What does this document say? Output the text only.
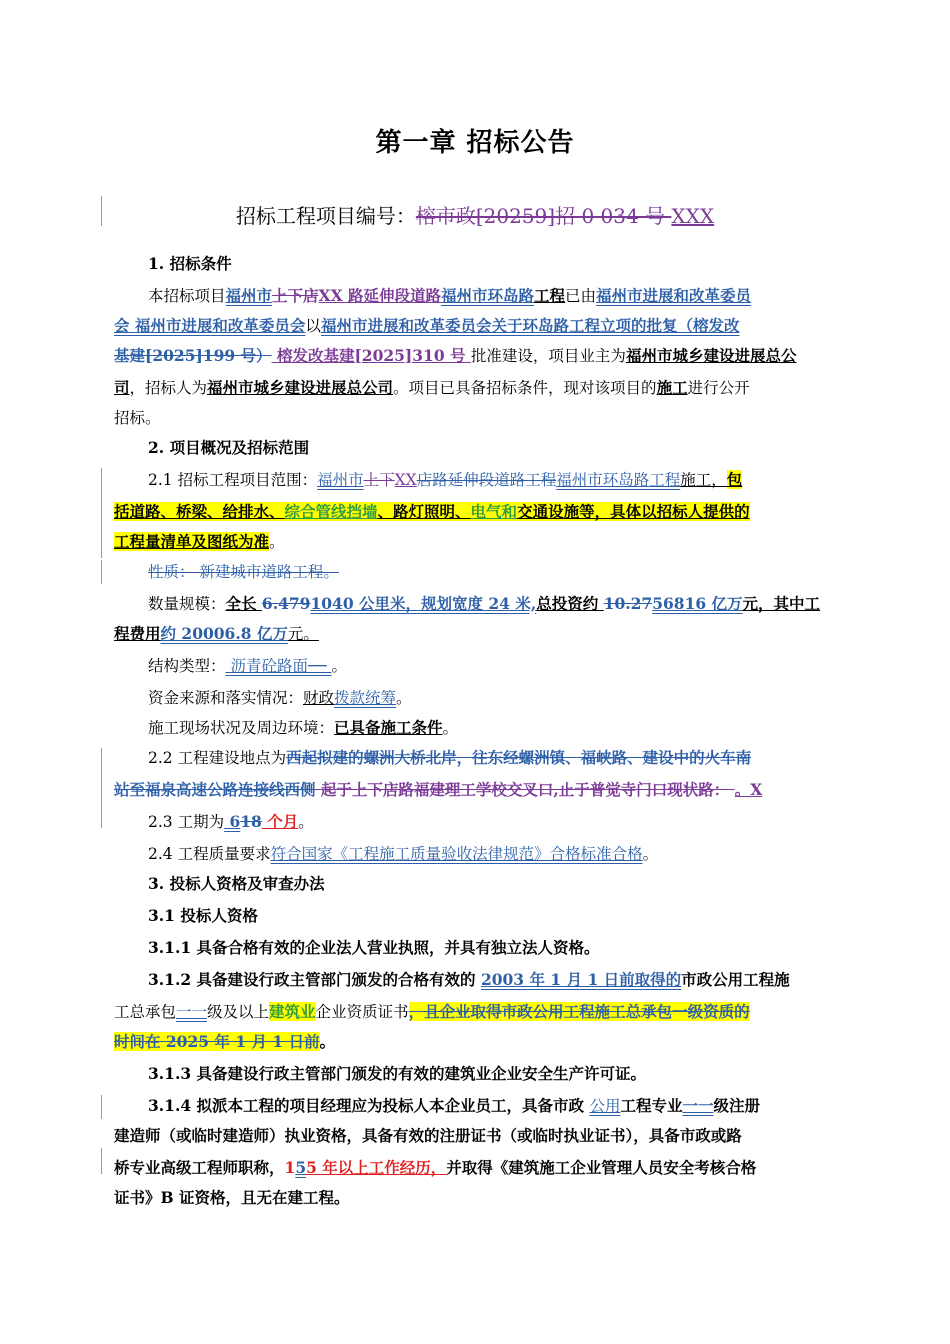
第一章 招标公告
招标工程项目编号：榕市政[20259]招 0 034 号 XXX
1. 招标条件
本招标项目福州市上下店XX 路延伸段道路福州市环岛路工程已由福州市进展和改革委员
会 福州市进展和改革委员会以福州市进展和改革委员会关于环岛路工程立项的批复（榕发改
基建[2025]199 号） 榕发改基建[2025]310 号 批准建设，项目业主为福州市城乡建设进展总公
司，招标人为福州市城乡建设进展总公司。项目已具备招标条件，现对该项目的施工进行公开
招标。
2. 项目概况及招标范围
2.1 招标工程项目范围：福州市上下XX店路延伸段道路工程福州市环岛路工程施工，包
括道路、桥梁、给排水、综合管线挡墙、路灯照明、电气和交通设施等，具体以招标人提供的
工程量清单及图纸为准。
性质： 新建城市道路工程。
数量规模：全长 6.4791040 公里米，规划宽度 24 米,总投资约 10.2756816 亿万元，其中工
程费用约 20006.8 亿万元。
结构类型： 沥青砼路面── 。
资金来源和落实情况：财政拨款统筹。
施工现场状况及周边环境：已具备施工条件。
2.2 工程建设地点为西起拟建的螺洲大桥北岸，往东经螺洲镇、福峡路、建设中的火车南
站至福泉高速公路连接线西侧 起于上下店路福建理工学校交叉口,止于普觉寺门口现状路： 。X
2.3 工期为 618 个月。
2.4 工程质量要求符合国家《工程施工质量验收法律规范》合格标准合格。
3. 投标人资格及审查办法
3.1 投标人资格
3.1.1 具备合格有效的企业法人营业执照，并具有独立法人资格。
3.1.2 具备建设行政主管部门颁发的合格有效的 2003 年 1 月 1 日前取得的市政公用工程施
工总承包一一级及以上建筑业企业资质证书，且企业取得市政公用工程施工总承包一级资质的
时间在 2025 年 1 月 1 日前。
3.1.3 具备建设行政主管部门颁发的有效的建筑业企业安全生产许可证。
3.1.4 拟派本工程的项目经理应为投标人本企业员工，具备市政 公用工程专业一一级注册
建造师（或临时建造师）执业资格，具备有效的注册证书（或临时执业证书），具备市政或路
桥专业高级工程师职称，155 年以上工作经历，并取得《建筑施工企业管理人员安全考核合格
证书》B 证资格，且无在建工程。
